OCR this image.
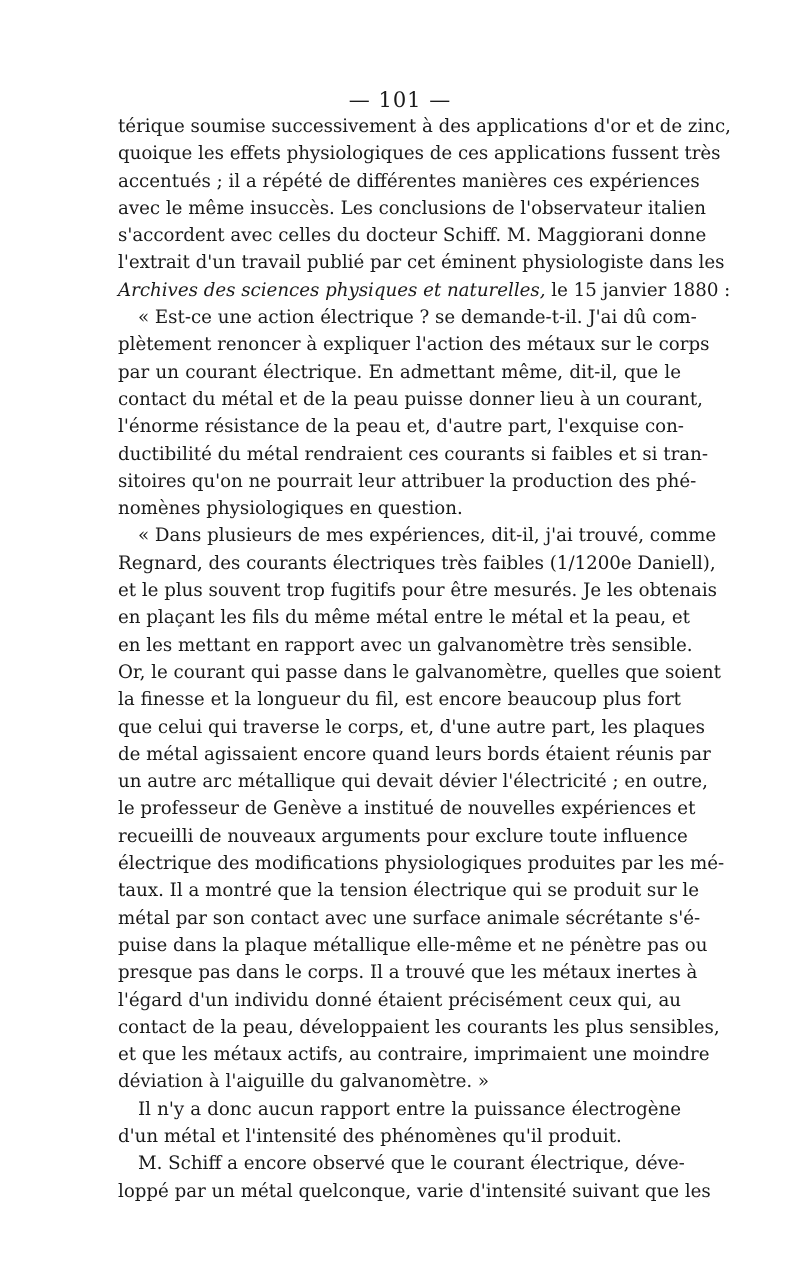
— 101 —
térique soumise successivement à des applications d'or et de zinc,
quoique les effets physiologiques de ces applications fussent très
accentués ; il a répété de différentes manières ces expériences
avec le même insuccès. Les conclusions de l'observateur italien
s'accordent avec celles du docteur Schiff. M. Maggiorani donne
l'extrait d'un travail publié par cet éminent physiologiste dans les
Archives des sciences physiques et naturelles, le 15 janvier 1880 :
« Est-ce une action électrique ? se demande-t-il. J'ai dû com-
plètement renoncer à expliquer l'action des métaux sur le corps
par un courant électrique. En admettant même, dit-il, que le
contact du métal et de la peau puisse donner lieu à un courant,
l'énorme résistance de la peau et, d'autre part, l'exquise con-
ductibilité du métal rendraient ces courants si faibles et si tran-
sitoires qu'on ne pourrait leur attribuer la production des phé-
nomènes physiologiques en question.
« Dans plusieurs de mes expériences, dit-il, j'ai trouvé, comme
Regnard, des courants électriques très faibles (1/1200e Daniell),
et le plus souvent trop fugitifs pour être mesurés. Je les obtenais
en plaçant les fils du même métal entre le métal et la peau, et
en les mettant en rapport avec un galvanomètre très sensible.
Or, le courant qui passe dans le galvanomètre, quelles que soient
la finesse et la longueur du fil, est encore beaucoup plus fort
que celui qui traverse le corps, et, d'une autre part, les plaques
de métal agissaient encore quand leurs bords étaient réunis par
un autre arc métallique qui devait dévier l'électricité ; en outre,
le professeur de Genève a institué de nouvelles expériences et
recueilli de nouveaux arguments pour exclure toute influence
électrique des modifications physiologiques produites par les mé-
taux. Il a montré que la tension électrique qui se produit sur le
métal par son contact avec une surface animale sécrétante s'é-
puise dans la plaque métallique elle-même et ne pénètre pas ou
presque pas dans le corps. Il a trouvé que les métaux inertes à
l'égard d'un individu donné étaient précisément ceux qui, au
contact de la peau, développaient les courants les plus sensibles,
et que les métaux actifs, au contraire, imprimaient une moindre
déviation à l'aiguille du galvanomètre. »
Il n'y a donc aucun rapport entre la puissance électrogène
d'un métal et l'intensité des phénomènes qu'il produit.
M. Schiff a encore observé que le courant électrique, déve-
loppé par un métal quelconque, varie d'intensité suivant que les
